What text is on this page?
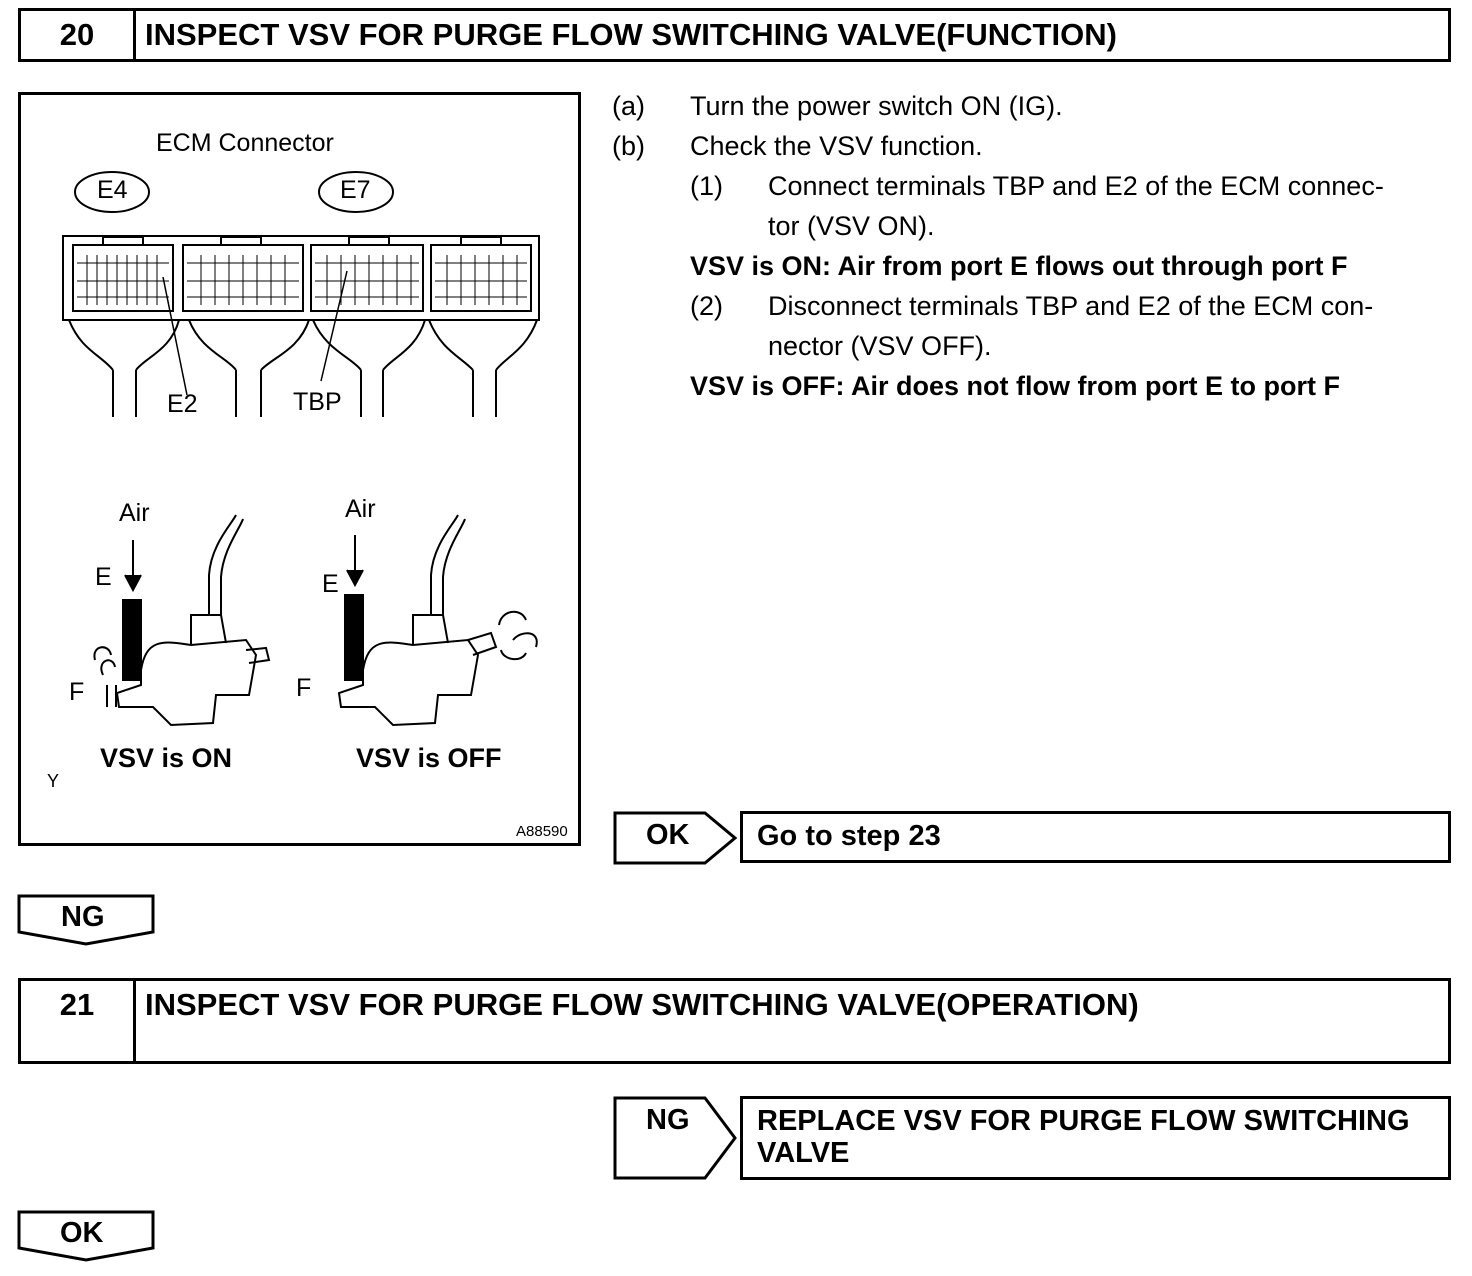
20	INSPECT VSV FOR PURGE FLOW SWITCHING VALVE(FUNCTION)
ECM Connector
E4	E7
E2	TBP
Air
E
F
Air
E
F
VSV is ON	VSV is OFF
Y
A88590
(a) Turn the power switch ON (IG).
(b) Check the VSV function.
(1) Connect terminals TBP and E2 of the ECM connec-
tor (VSV ON).
VSV is ON: Air from port E flows out through port F
(2) Disconnect terminals TBP and E2 of the ECM con-
nector (VSV OFF).
VSV is OFF: Air does not flow from port E to port F
OK Go to step 23
NG
21	INSPECT VSV FOR PURGE FLOW SWITCHING VALVE(OPERATION)
NG REPLACE VSV FOR PURGE FLOW SWITCHING
VALVE
OK
